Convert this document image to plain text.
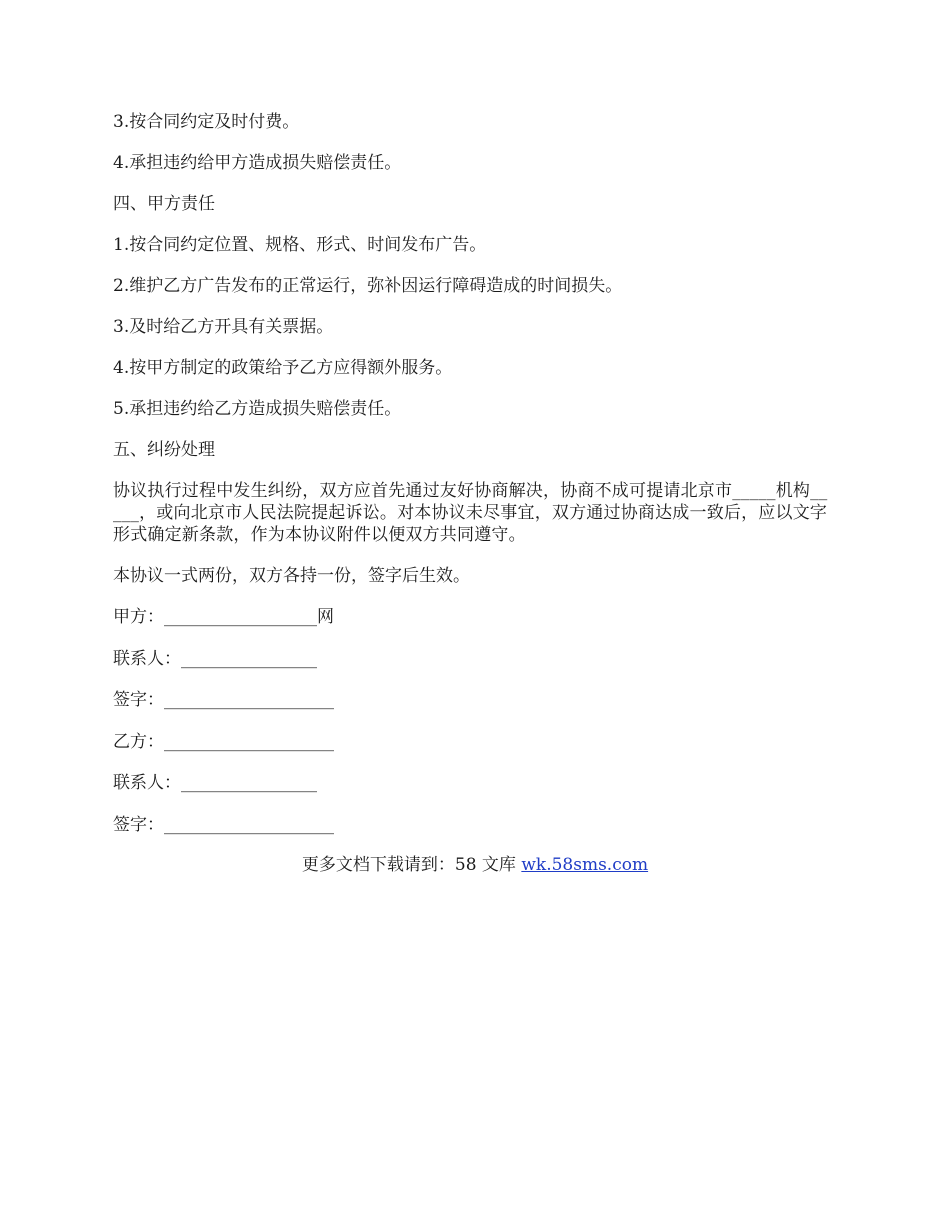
3.按合同约定及时付费。

4.承担违约给甲方造成损失赔偿责任。

四、甲方责任

1.按合同约定位置、规格、形式、时间发布广告。

2.维护乙方广告发布的正常运行，弥补因运行障碍造成的时间损失。

3.及时给乙方开具有关票据。

4.按甲方制定的政策给予乙方应得额外服务。

5.承担违约给乙方造成损失赔偿责任。

五、纠纷处理

协议执行过程中发生纠纷，双方应首先通过友好协商解决，协商不成可提请北京市_____机构_____，或向北京市人民法院提起诉讼。对本协议未尽事宜，双方通过协商达成一致后，应以文字形式确定新条款，作为本协议附件以便双方共同遵守。

本协议一式两份，双方各持一份，签字后生效。

甲方：__________________网

联系人：________________

签字：____________________

乙方：____________________

联系人：________________

签字：____________________

更多文档下载请到：58 文库 wk.58sms.com
